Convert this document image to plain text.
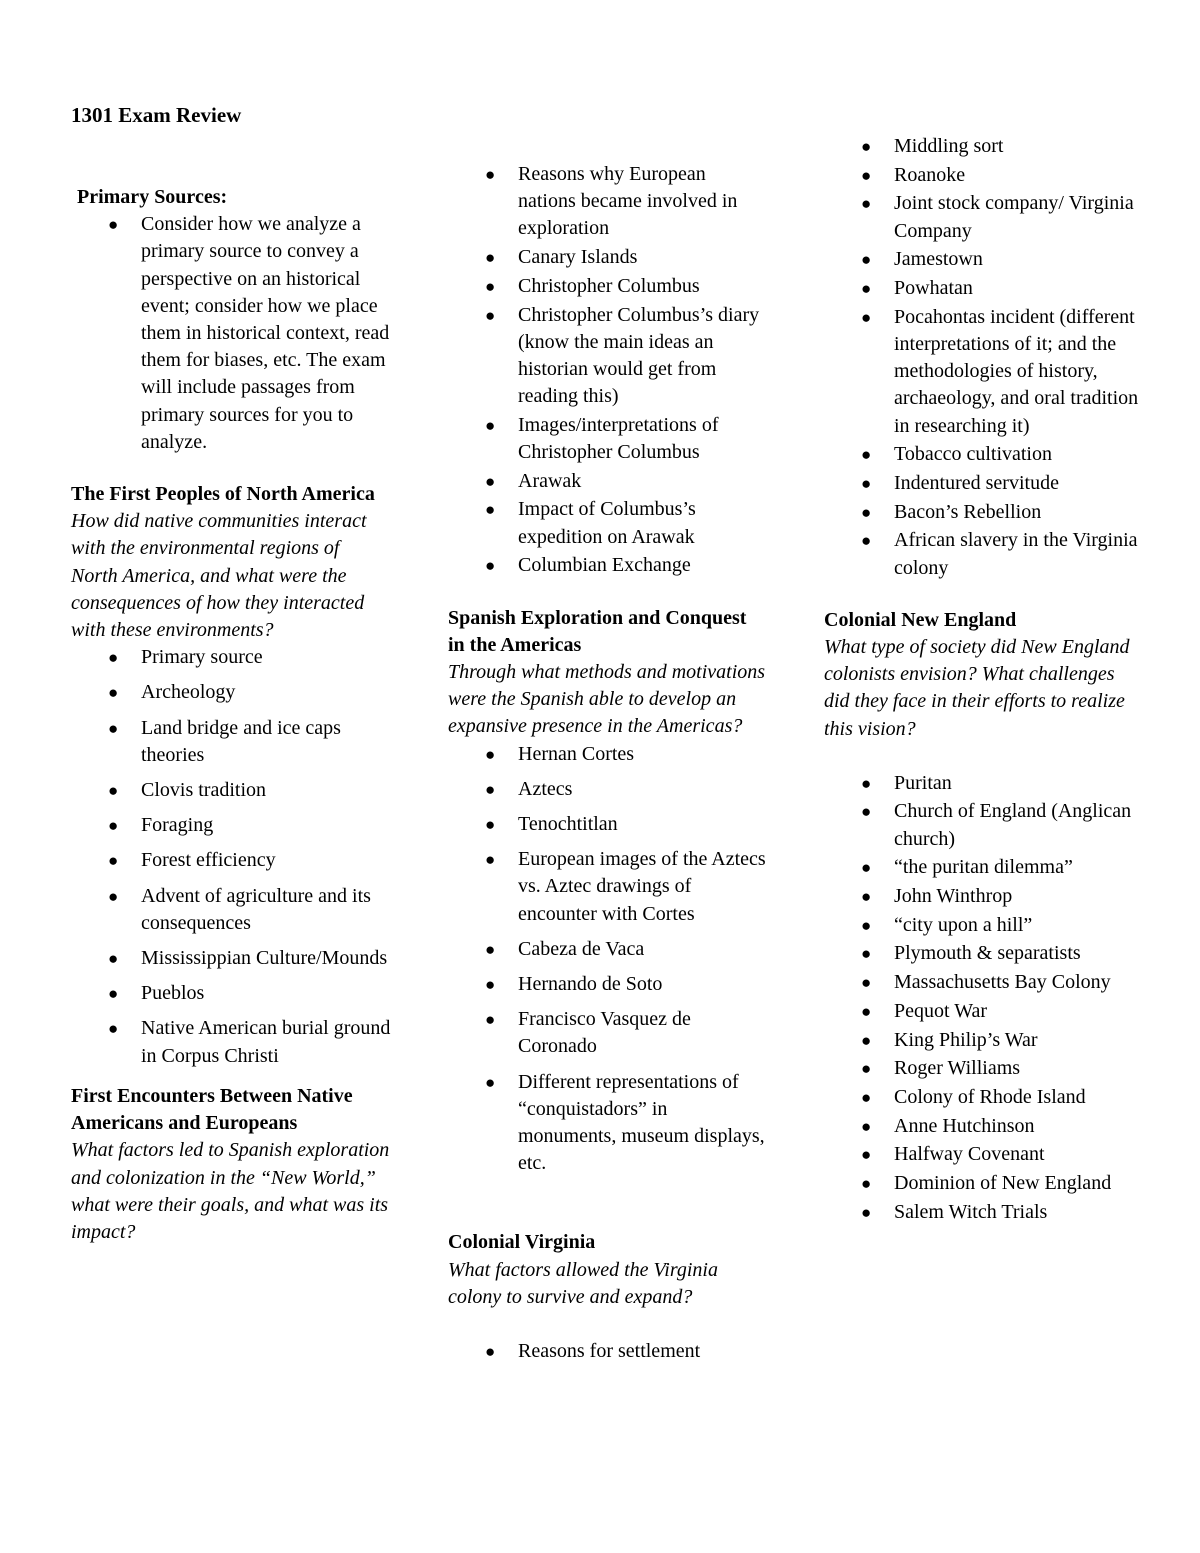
1301 Exam Review

Primary Sources:

● Consider how we analyze a primary source to convey a perspective on an historical event; consider how we place them in historical context, read them for biases, etc. The exam will include passages from primary sources for you to analyze.

The First Peoples of North America

How did native communities interact with the environmental regions of North America, and what were the consequences of how they interacted with these environments?

● Primary source
● Archeology
● Land bridge and ice caps theories
● Clovis tradition
● Foraging
● Forest efficiency
● Advent of agriculture and its consequences
● Mississippian Culture/Mounds
● Pueblos
● Native American burial ground in Corpus Christi

First Encounters Between Native Americans and Europeans

What factors led to Spanish exploration and colonization in the “New World,” what were their goals, and what was its impact?

● Reasons why European nations became involved in exploration
● Canary Islands
● Christopher Columbus
● Christopher Columbus’s diary (know the main ideas an historian would get from reading this)
● Images/interpretations of Christopher Columbus
● Arawak
● Impact of Columbus’s expedition on Arawak
● Columbian Exchange

Spanish Exploration and Conquest in the Americas

Through what methods and motivations were the Spanish able to develop an expansive presence in the Americas?

● Hernan Cortes
● Aztecs
● Tenochtitlan
● European images of the Aztecs vs. Aztec drawings of encounter with Cortes
● Cabeza de Vaca
● Hernando de Soto
● Francisco Vasquez de Coronado
● Different representations of “conquistadors” in monuments, museum displays, etc.

Colonial Virginia

What factors allowed the Virginia colony to survive and expand?

● Reasons for settlement
● Middling sort
● Roanoke
● Joint stock company/ Virginia Company
● Jamestown
● Powhatan
● Pocahontas incident (different interpretations of it; and the methodologies of history, archaeology, and oral tradition in researching it)
● Tobacco cultivation
● Indentured servitude
● Bacon’s Rebellion
● African slavery in the Virginia colony

Colonial New England

What type of society did New England colonists envision? What challenges did they face in their efforts to realize this vision?

● Puritan
● Church of England (Anglican church)
● “the puritan dilemma”
● John Winthrop
● “city upon a hill”
● Plymouth & separatists
● Massachusetts Bay Colony
● Pequot War
● King Philip’s War
● Roger Williams
● Colony of Rhode Island
● Anne Hutchinson
● Halfway Covenant
● Dominion of New England
● Salem Witch Trials
